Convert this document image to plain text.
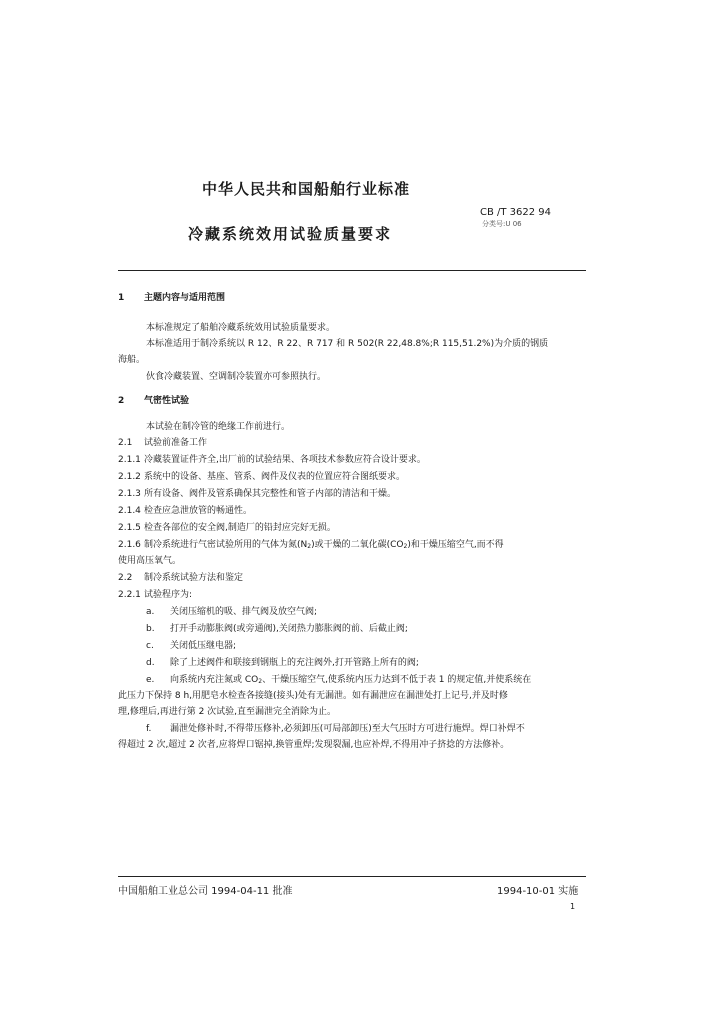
中华人民共和国船舶行业标准
CB /T 3622 94
分类号:U 06
冷藏系统效用试验质量要求
1 主题内容与适用范围
本标准规定了船舶冷藏系统效用试验质量要求。
本标准适用于制冷系统以 R 12、R 22、R 717 和 R 502(R 22,48.8%;R 115,51.2%)为介质的钢质
海船。
伙食冷藏装置、空调制冷装置亦可参照执行。
2 气密性试验
本试验在制冷管的绝缘工作前进行。
2.1 试验前准备工作
2.1.1 冷藏装置证件齐全,出厂前的试验结果、各项技术参数应符合设计要求。
2.1.2 系统中的设备、基座、管系、阀件及仪表的位置应符合图纸要求。
2.1.3 所有设备、阀件及管系确保其完整性和管子内部的清洁和干燥。
2.1.4 检查应急泄放管的畅通性。
2.1.5 检查各部位的安全阀,制造厂的铅封应完好无损。
2.1.6 制冷系统进行气密试验所用的气体为氮(N2)或干燥的二氧化碳(CO2)和干燥压缩空气,而不得
使用高压氧气。
2.2 制冷系统试验方法和鉴定
2.2.1 试验程序为:
a. 关闭压缩机的吸、排气阀及放空气阀;
b. 打开手动膨胀阀(或旁通阀),关闭热力膨胀阀的前、后截止阀;
c. 关闭低压继电器;
d. 除了上述阀件和联接到钢瓶上的充注阀外,打开管路上所有的阀;
e. 向系统内充注氮或 CO2、干燥压缩空气,使系统内压力达到不低于表 1 的规定值,并使系统在
此压力下保持 8 h,用肥皂水检查各接缝(接头)处有无漏泄。如有漏泄应在漏泄处打上记号,并及时修
理,修理后,再进行第 2 次试验,直至漏泄完全消除为止。
f. 漏泄处修补时,不得带压修补,必须卸压(可局部卸压)至大气压时方可进行施焊。焊口补焊不
得超过 2 次,超过 2 次者,应将焊口锯掉,换管重焊;发现裂漏,也应补焊,不得用冲子挤捻的方法修补。
中国船舶工业总公司 1994-04-11 批准	1994-10-01 实施
1
